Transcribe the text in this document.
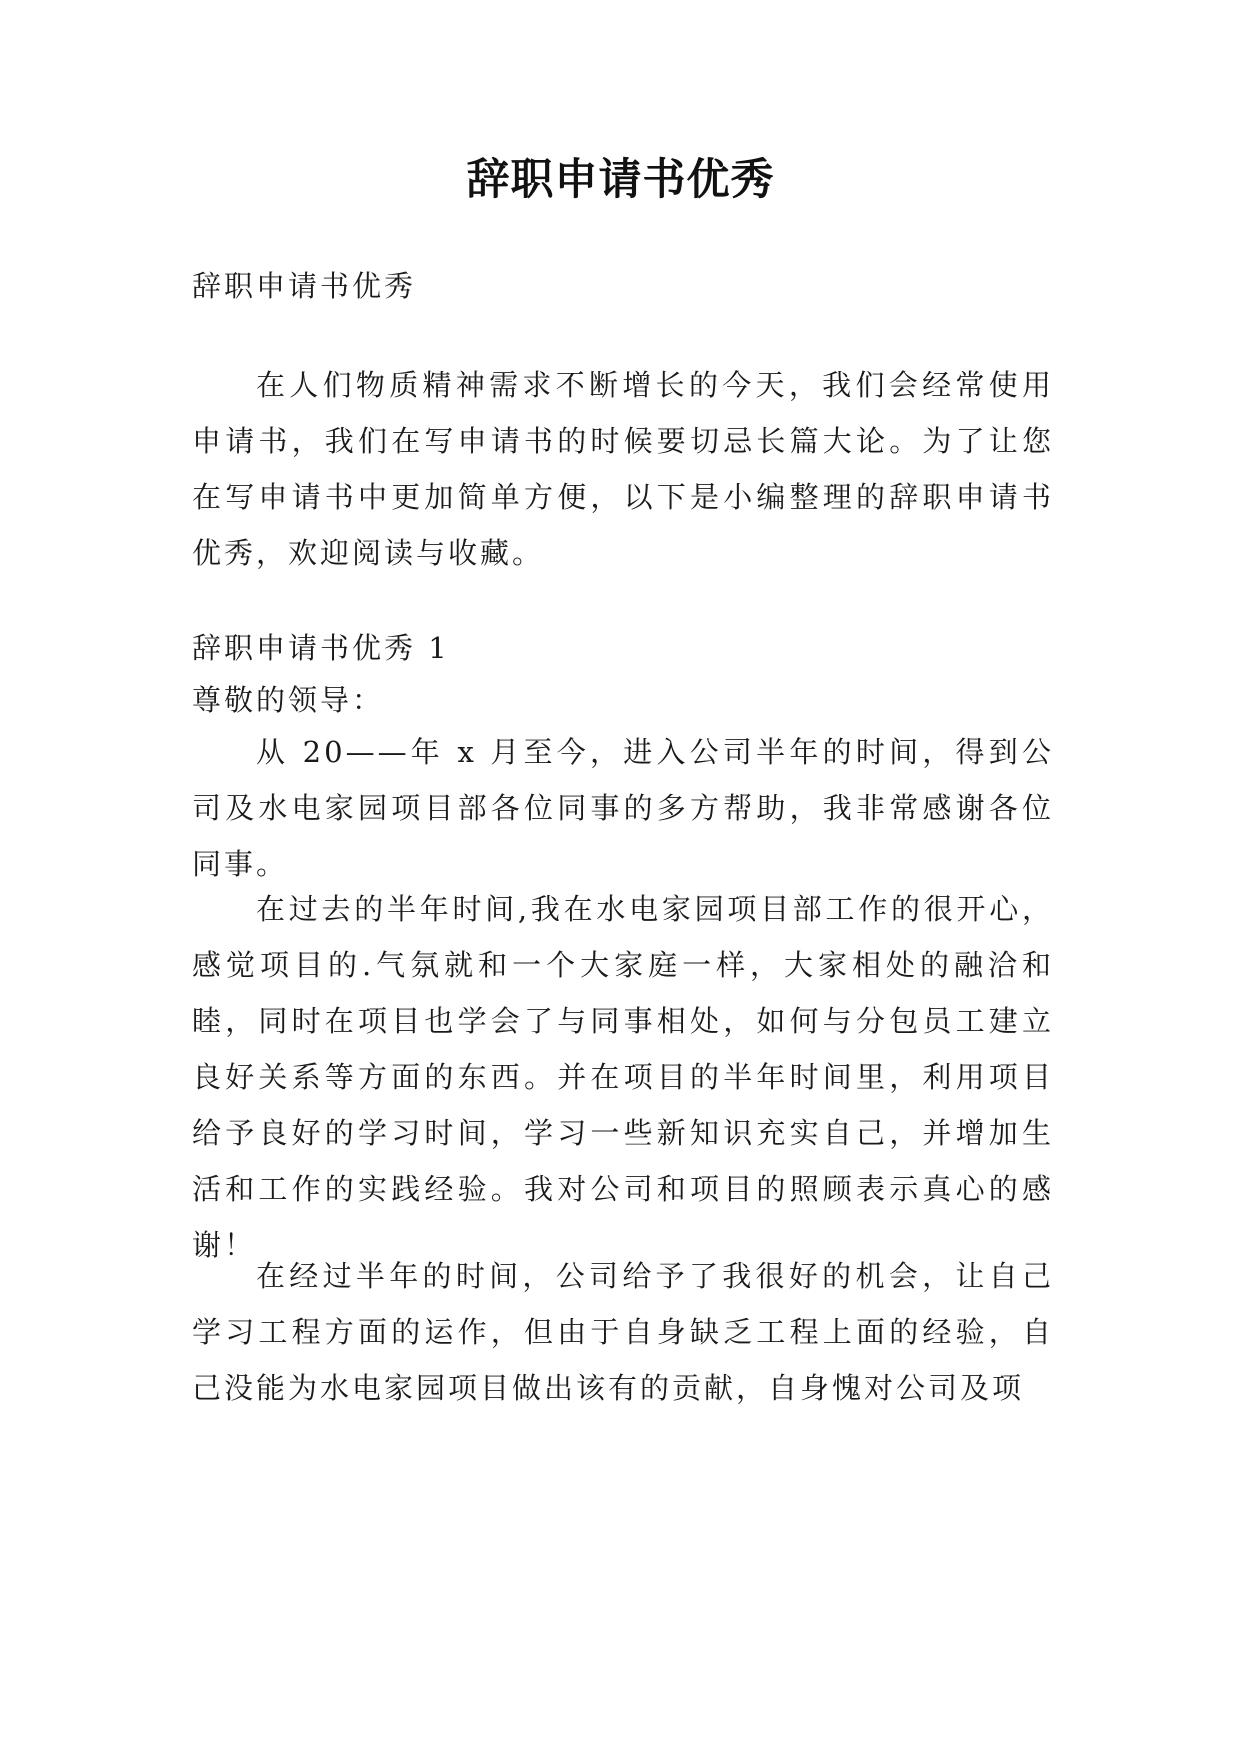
辞职申请书优秀
辞职申请书优秀
在人们物质精神需求不断增长的今天，我们会经常使用申请书，我们在写申请书的时候要切忌长篇大论。为了让您在写申请书中更加简单方便，以下是小编整理的辞职申请书优秀，欢迎阅读与收藏。
辞职申请书优秀 1
尊敬的领导：
从 20——年 x 月至今，进入公司半年的时间，得到公司及水电家园项目部各位同事的多方帮助，我非常感谢各位同事。
在过去的半年时间,我在水电家园项目部工作的很开心，感觉项目的.气氛就和一个大家庭一样，大家相处的融洽和睦，同时在项目也学会了与同事相处，如何与分包员工建立良好关系等方面的东西。并在项目的半年时间里，利用项目给予良好的学习时间，学习一些新知识充实自己，并增加生活和工作的实践经验。我对公司和项目的照顾表示真心的感谢！
在经过半年的时间，公司给予了我很好的机会，让自己学习工程方面的运作，但由于自身缺乏工程上面的经验，自己没能为水电家园项目做出该有的贡献，自身愧对公司及项
